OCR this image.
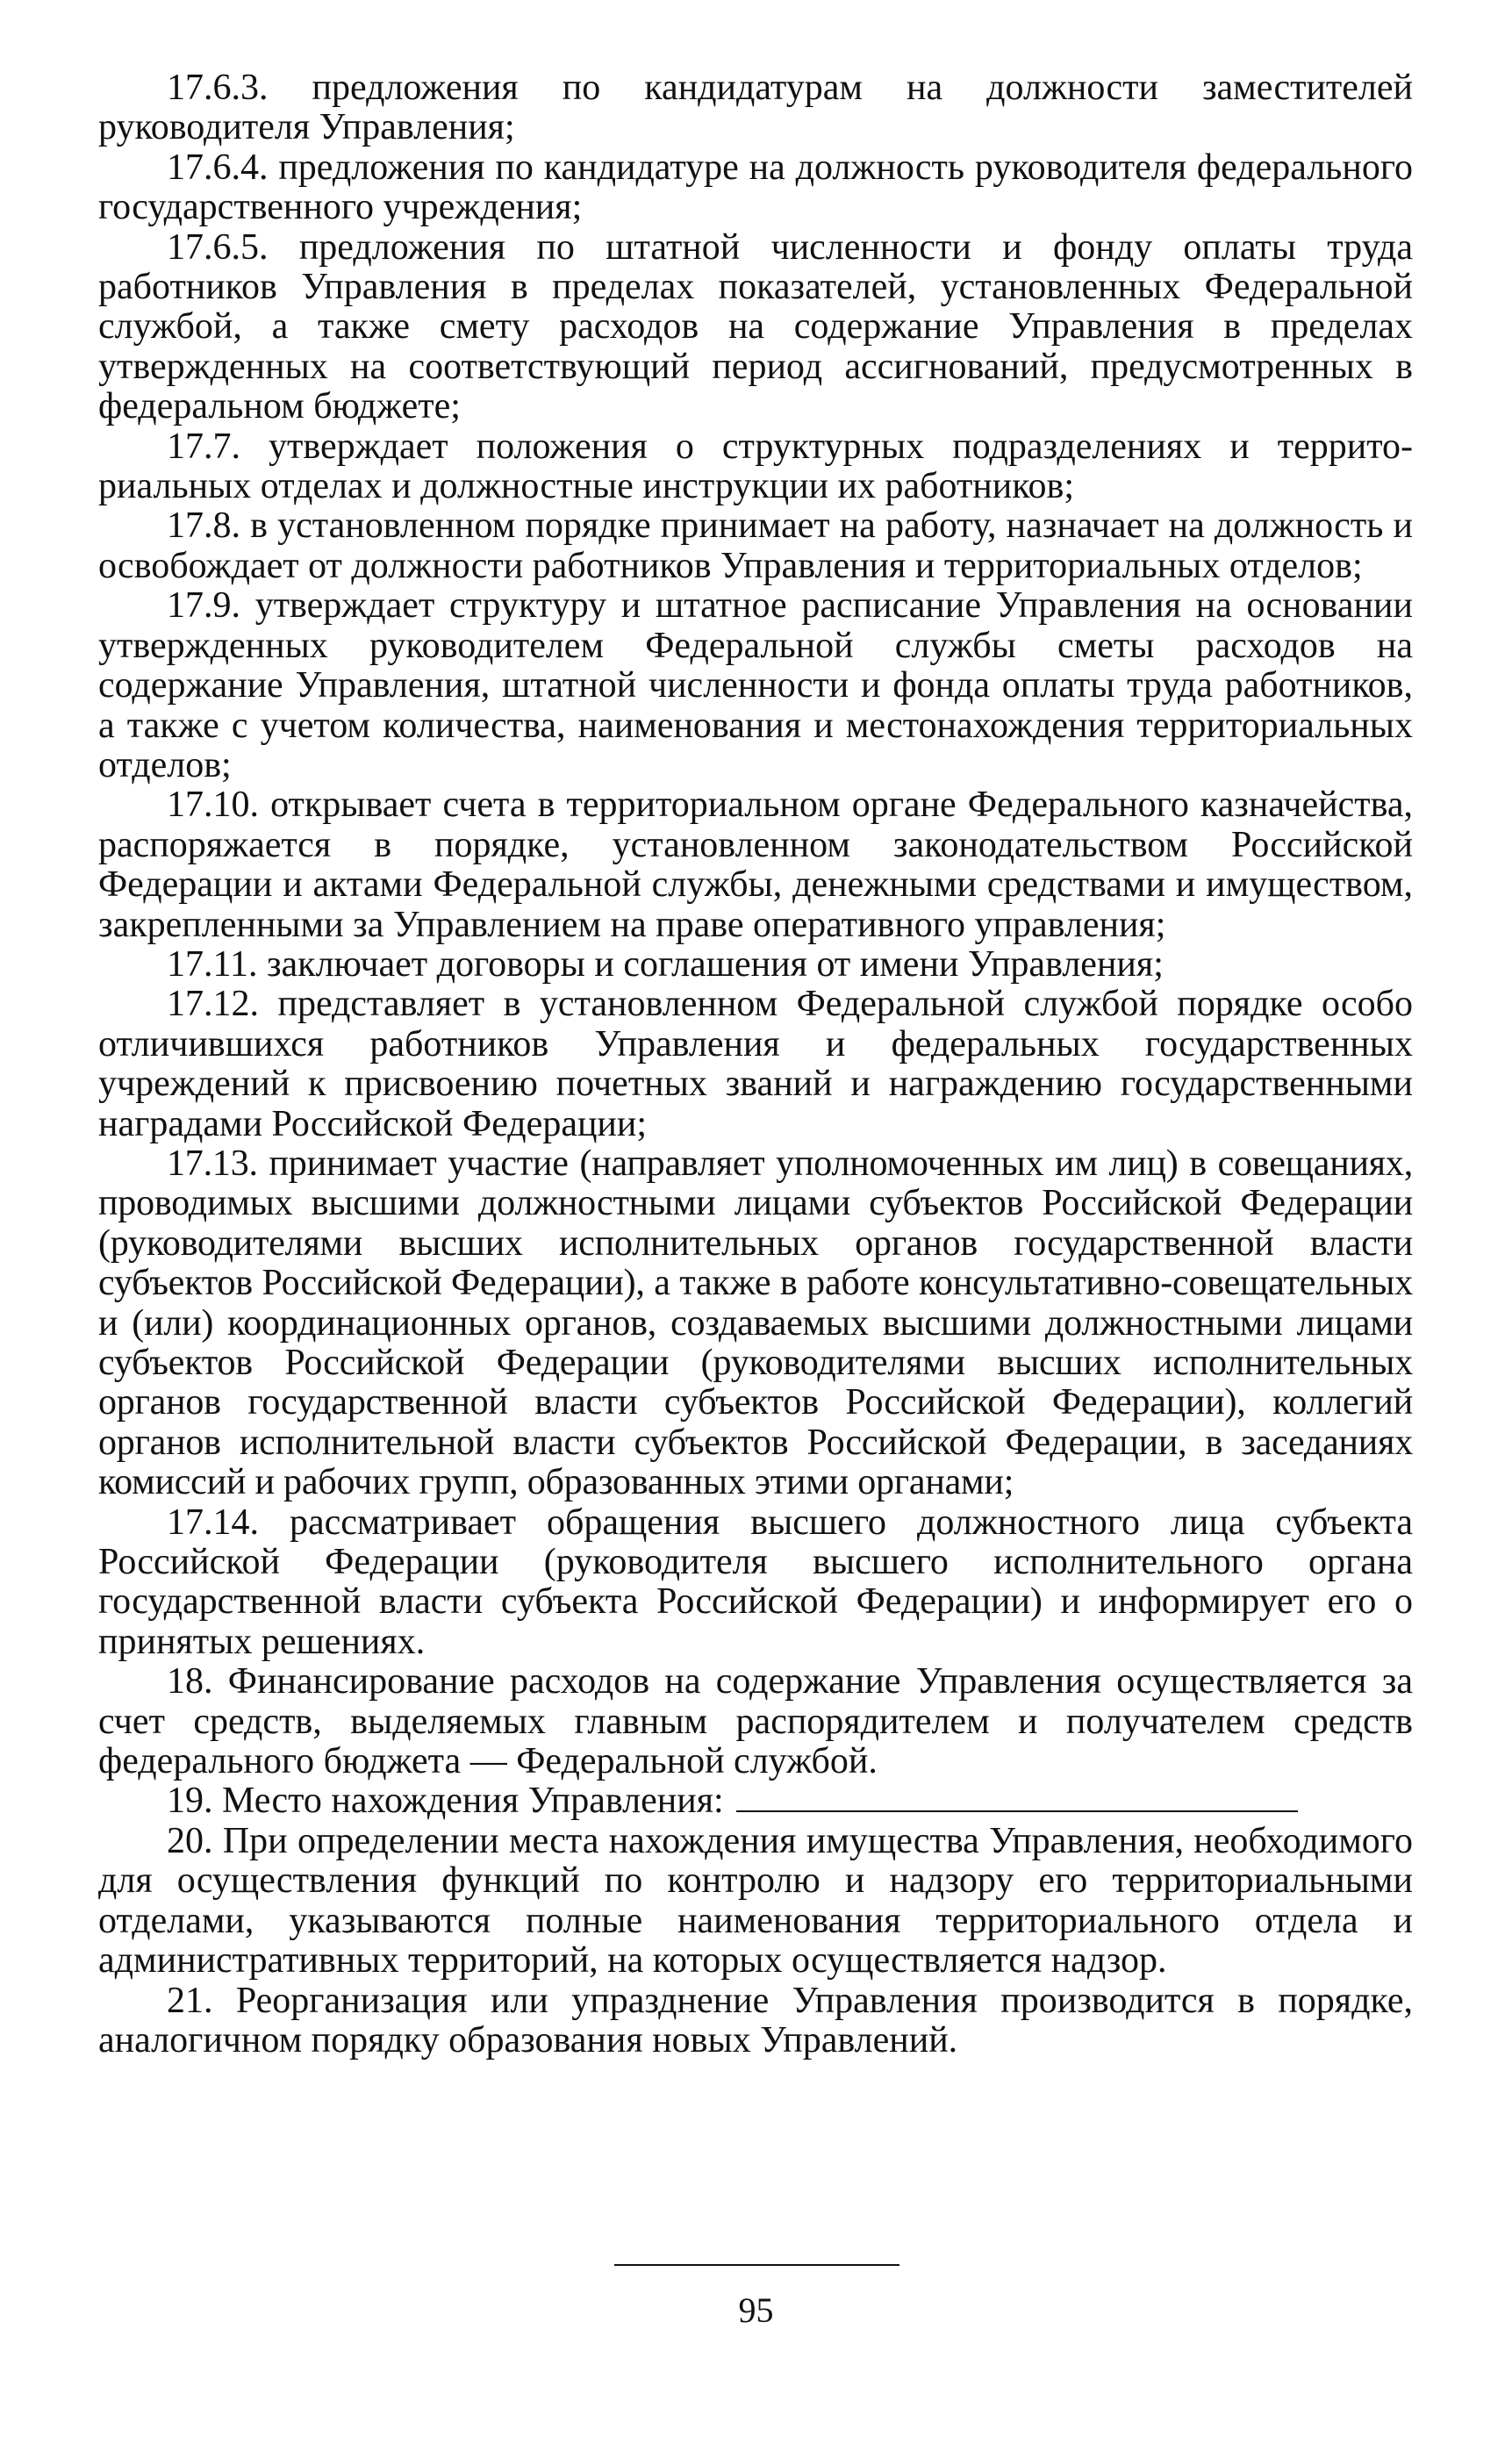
17.6.3. предложения по кандидатурам на должности заместителей руководителя Управления;

17.6.4. предложения по кандидатуре на должность руководителя федерального государственного учреждения;

17.6.5. предложения по штатной численности и фонду оплаты труда работников Управления в пределах показателей, установленных Федеральной службой, а также смету расходов на содержание Управления в пределах утвержденных на соответствующий период ассигнований, предусмотренных в федеральном бюджете;

17.7. утверждает положения о структурных подразделениях и территориальных отделах и должностные инструкции их работников;

17.8. в установленном порядке принимает на работу, назначает на должность и освобождает от должности работников Управления и территориальных отделов;

17.9. утверждает структуру и штатное расписание Управления на основании утвержденных руководителем Федеральной службы сметы расходов на содержание Управления, штатной численности и фонда оплаты труда работников, а также с учетом количества, наименования и местонахождения территориальных отделов;

17.10. открывает счета в территориальном органе Федерального казначейства, распоряжается в порядке, установленном законодательством Российской Федерации и актами Федеральной службы, денежными средствами и имуществом, закрепленными за Управлением на праве оперативного управления;

17.11. заключает договоры и соглашения от имени Управления;

17.12. представляет в установленном Федеральной службой порядке особо отличившихся работников Управления и федеральных государственных учреждений к присвоению почетных званий и награждению государственными наградами Российской Федерации;

17.13. принимает участие (направляет уполномоченных им лиц) в совещаниях, проводимых высшими должностными лицами субъектов Российской Федерации (руководителями высших исполнительных органов государственной власти субъектов Российской Федерации), а также в работе консультативно-совещательных и (или) координационных органов, создаваемых высшими должностными лицами субъектов Российской Федерации (руководителями высших исполнительных органов государственной власти субъектов Российской Федерации), коллегий органов исполнительной власти субъектов Российской Федерации, в заседаниях комиссий и рабочих групп, образованных этими органами;

17.14. рассматривает обращения высшего должностного лица субъекта Российской Федерации (руководителя высшего исполнительного органа государственной власти субъекта Российской Федерации) и информирует его о принятых решениях.

18. Финансирование расходов на содержание Управления осуществляется за счет средств, выделяемых главным распорядителем и получателем средств федерального бюджета — Федеральной службой.

19. Место нахождения Управления:

20. При определении места нахождения имущества Управления, необходимого для осуществления функций по контролю и надзору его территориальными отделами, указываются полные наименования территориального отдела и административных территорий, на которых осуществляется надзор.

21. Реорганизация или упразднение Управления производится в порядке, аналогичном порядку образования новых Управлений.

95
